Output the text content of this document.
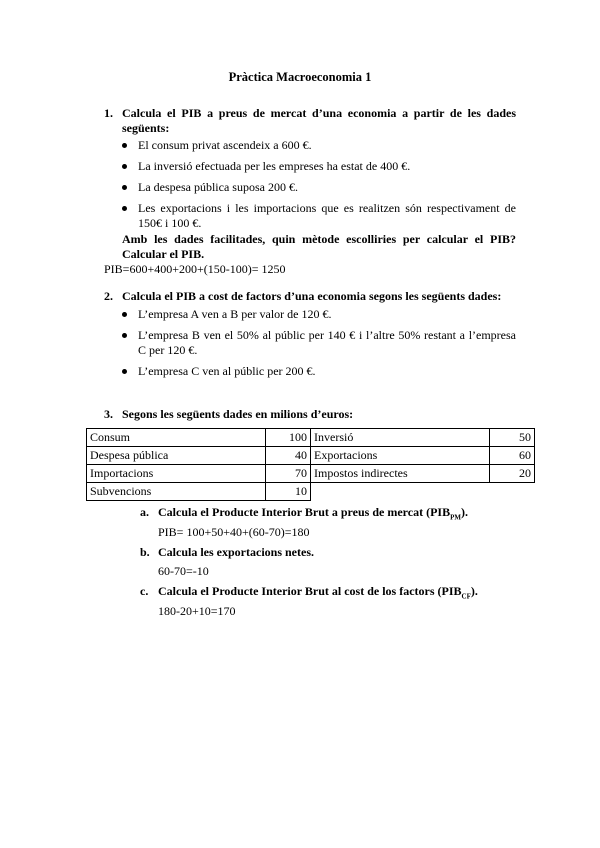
Pràctica Macroeconomia 1
1. Calcula el PIB a preus de mercat d’una economia a partir de les dades següents:
El consum privat ascendeix a 600 €.
La inversió efectuada per les empreses ha estat de 400 €.
La despesa pública suposa 200 €.
Les exportacions i les importacions que es realitzen són respectivament de 150€ i 100 €.
Amb les dades facilitades, quin mètode escolliries per calcular el PIB? Calcular el PIB.
PIB=600+400+200+(150-100)= 1250
2. Calcula el PIB a cost de factors d’una economia segons les següents dades:
L’empresa A ven a B per valor de 120 €.
L’empresa B ven el 50% al públic per 140 € i l’altre 50% restant a l’empresa C per 120 €.
L’empresa C ven al públic per 200 €.
3. Segons les següents dades en milions d’euros:
Consum	100	Inversió	50
Despesa pública	40	Exportacions	60
Importacions	70	Impostos indirectes	20
Subvencions	10		
a. Calcula el Producte Interior Brut a preus de mercat $(PIB_{PM})$.
PIB= 100+50+40+(60-70)=180
b. Calcula les exportacions netes.
60-70=-10
c. Calcula el Producte Interior Brut al cost de los factors $(PIB_{CF})$.
180-20+10=170
